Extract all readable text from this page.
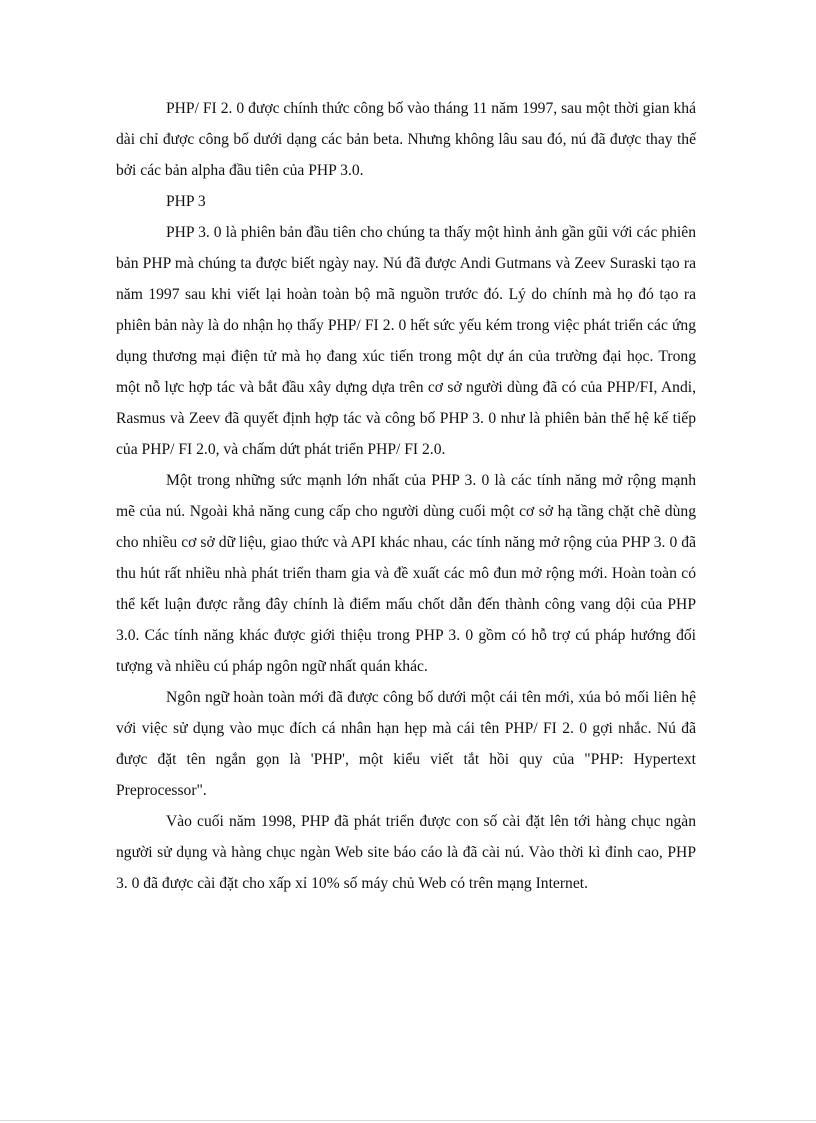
PHP/ FI 2. 0 được chính thức công bố vào tháng 11 năm 1997, sau một thời gian khá dài chỉ được công bố dưới dạng các bản beta. Nhưng không lâu sau đó, nú đã được thay thế bởi các bản alpha đầu tiên của PHP 3.0.

PHP 3

PHP 3. 0 là phiên bản đầu tiên cho chúng ta thấy một hình ảnh gần gũi với các phiên bản PHP mà chúng ta được biết ngày nay. Nú đã được Andi Gutmans và Zeev Suraski tạo ra năm 1997 sau khi viết lại hoàn toàn bộ mã nguồn trước đó. Lý do chính mà họ đó tạo ra phiên bản này là do nhận họ thấy PHP/ FI 2. 0 hết sức yếu kém trong việc phát triển các ứng dụng thương mại điện tử mà họ đang xúc tiến trong một dự án của trường đại học. Trong một nỗ lực hợp tác và bắt đầu xây dựng dựa trên cơ sở người dùng đã có của PHP/FI, Andi, Rasmus và Zeev đã quyết định hợp tác và công bố PHP 3. 0 như là phiên bản thế hệ kế tiếp của PHP/ FI 2.0, và chấm dứt phát triển PHP/ FI 2.0.

Một trong những sức mạnh lớn nhất của PHP 3. 0 là các tính năng mở rộng mạnh mẽ của nú. Ngoài khả năng cung cấp cho người dùng cuối một cơ sở hạ tầng chặt chẽ dùng cho nhiều cơ sở dữ liệu, giao thức và API khác nhau, các tính năng mở rộng của PHP 3. 0 đã thu hút rất nhiều nhà phát triển tham gia và đề xuất các mô đun mở rộng mới. Hoàn toàn có thể kết luận được rằng đây chính là điểm mấu chốt dẫn đến thành công vang dội của PHP 3.0. Các tính năng khác được giới thiệu trong PHP 3. 0 gồm có hỗ trợ cú pháp hướng đối tượng và nhiều cú pháp ngôn ngữ nhất quán khác.

Ngôn ngữ hoàn toàn mới đã được công bố dưới một cái tên mới, xúa bỏ mối liên hệ với việc sử dụng vào mục đích cá nhân hạn hẹp mà cái tên PHP/ FI 2. 0 gợi nhắc. Nú đã được đặt tên ngắn gọn là 'PHP', một kiểu viết tắt hồi quy của "PHP: Hypertext Preprocessor".

Vào cuối năm 1998, PHP đã phát triển được con số cài đặt lên tới hàng chục ngàn người sử dụng và hàng chục ngàn Web site báo cáo là đã cài nú. Vào thời kì đỉnh cao, PHP 3. 0 đã được cài đặt cho xấp xỉ 10% số máy chủ Web có trên mạng Internet.
